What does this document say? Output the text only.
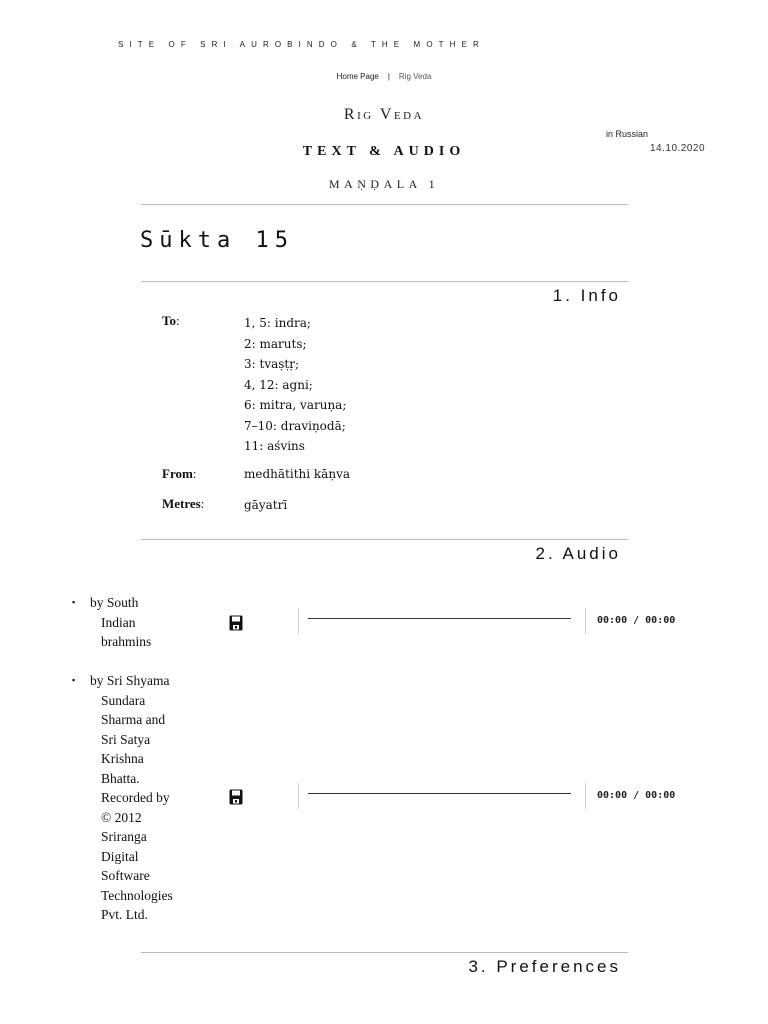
SITE OF SRI AUROBINDO & THE MOTHER
Home Page | Rig Veda
Rig Veda
in Russian
14.10.2020
TEXT & AUDIO
MAṆḌALA 1
Sūkta 15
1. Info
To:	1, 5: indra;
2: maruts;
3: tvaṣṭṛ;
4, 12: agni;
6: mitra, varuṇa;
7–10: draviṇodā;
11: aśvins
From:	medhātithi kāṇva
Metres:	gāyatrī
2. Audio
▪	by South
Indian
brahmins
00:00 / 00:00
▪	by Sri Shyama
Sundara
Sharma and
Sri Satya
Krishna
Bhatta.
Recorded by
© 2012
Sriranga
Digital
Software
Technologies
Pvt. Ltd.
00:00 / 00:00
3. Preferences
